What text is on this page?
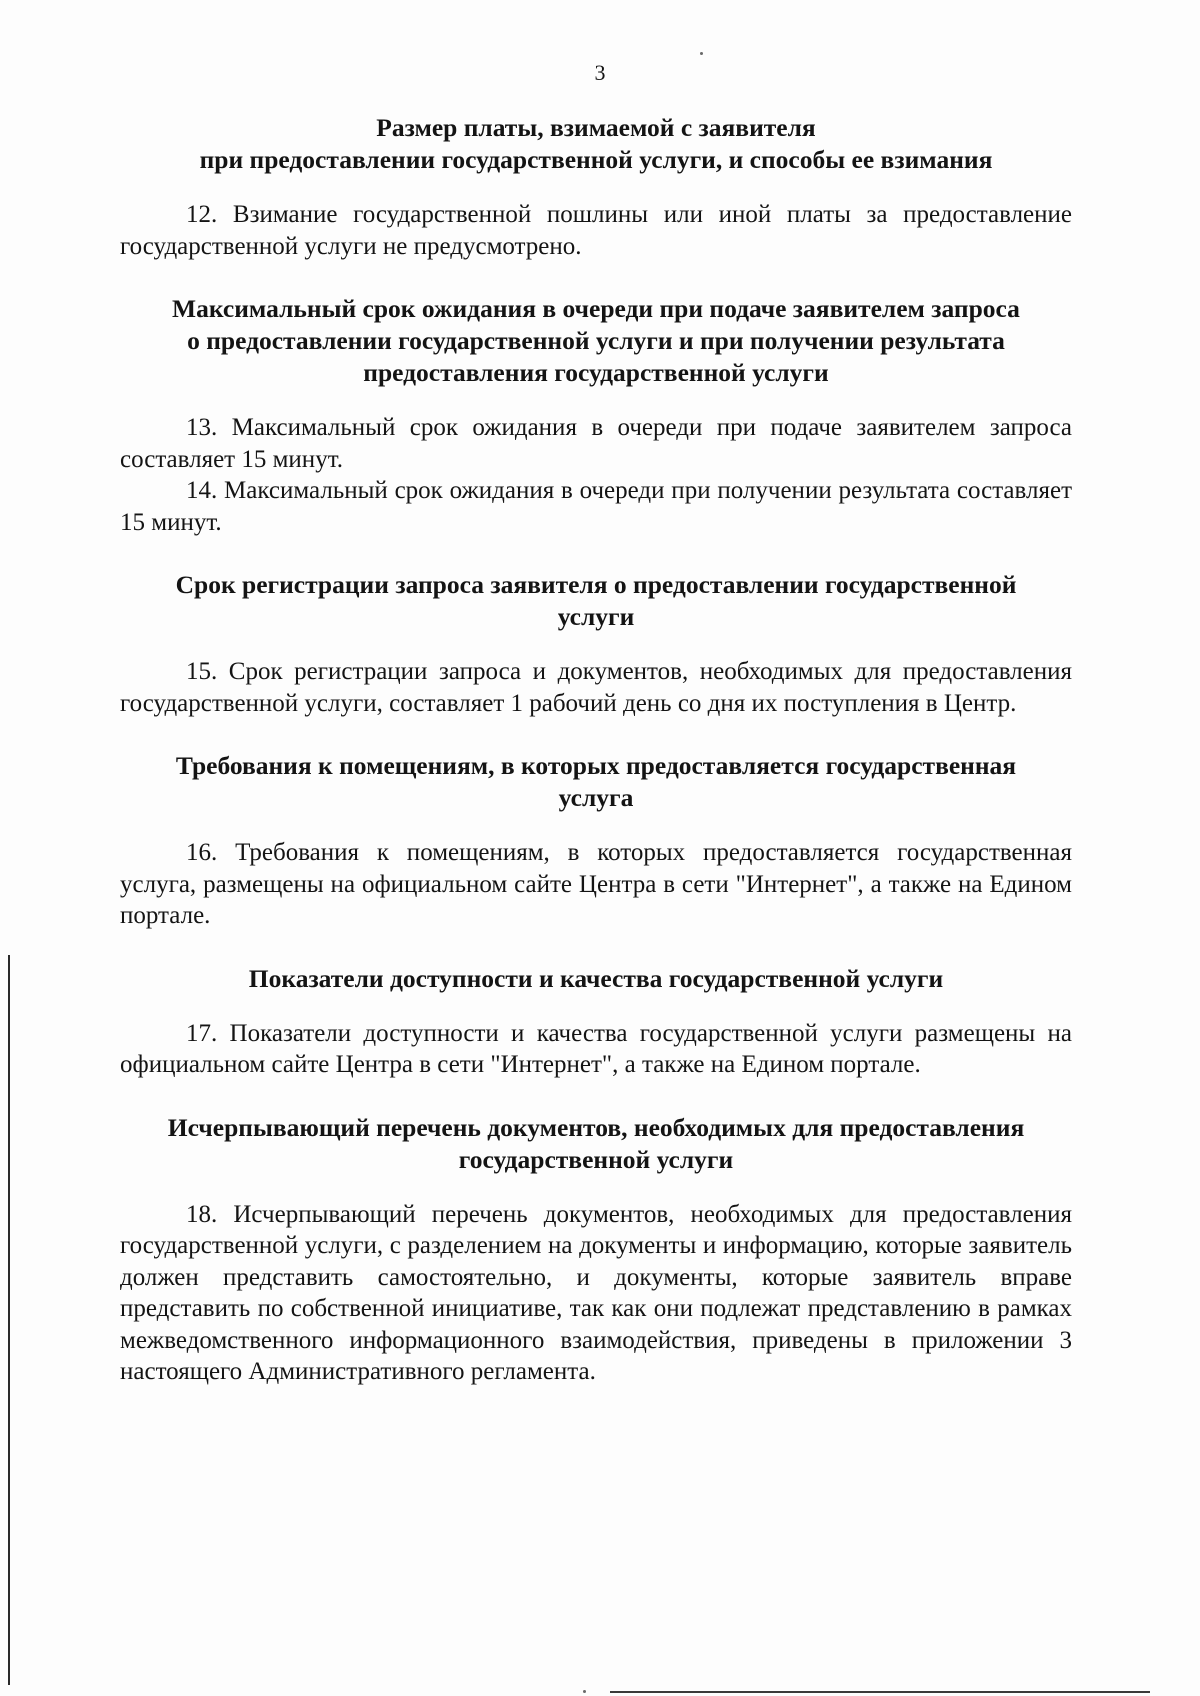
3
Размер платы, взимаемой с заявителя
при предоставлении государственной услуги, и способы ее взимания

12. Взимание государственной пошлины или иной платы за предоставление государственной услуги не предусмотрено.

Максимальный срок ожидания в очереди при подаче заявителем запроса
о предоставлении государственной услуги и при получении результата
предоставления государственной услуги

13. Максимальный срок ожидания в очереди при подаче заявителем запроса составляет 15 минут.

14. Максимальный срок ожидания в очереди при получении результата составляет 15 минут.

Срок регистрации запроса заявителя о предоставлении государственной
услуги

15. Срок регистрации запроса и документов, необходимых для предоставления государственной услуги, составляет 1 рабочий день со дня их поступления в Центр.

Требования к помещениям, в которых предоставляется государственная
услуга

16. Требования к помещениям, в которых предоставляется государственная услуга, размещены на официальном сайте Центра в сети "Интернет", а также на Едином портале.

Показатели доступности и качества государственной услуги

17. Показатели доступности и качества государственной услуги размещены на официальном сайте Центра в сети "Интернет", а также на Едином портале.

Исчерпывающий перечень документов, необходимых для предоставления
государственной услуги

18. Исчерпывающий перечень документов, необходимых для предоставления государственной услуги, с разделением на документы и информацию, которые заявитель должен представить самостоятельно, и документы, которые заявитель вправе представить по собственной инициативе, так как они подлежат представлению в рамках межведомственного информационного взаимодействия, приведены в приложении 3 настоящего Административного регламента.
